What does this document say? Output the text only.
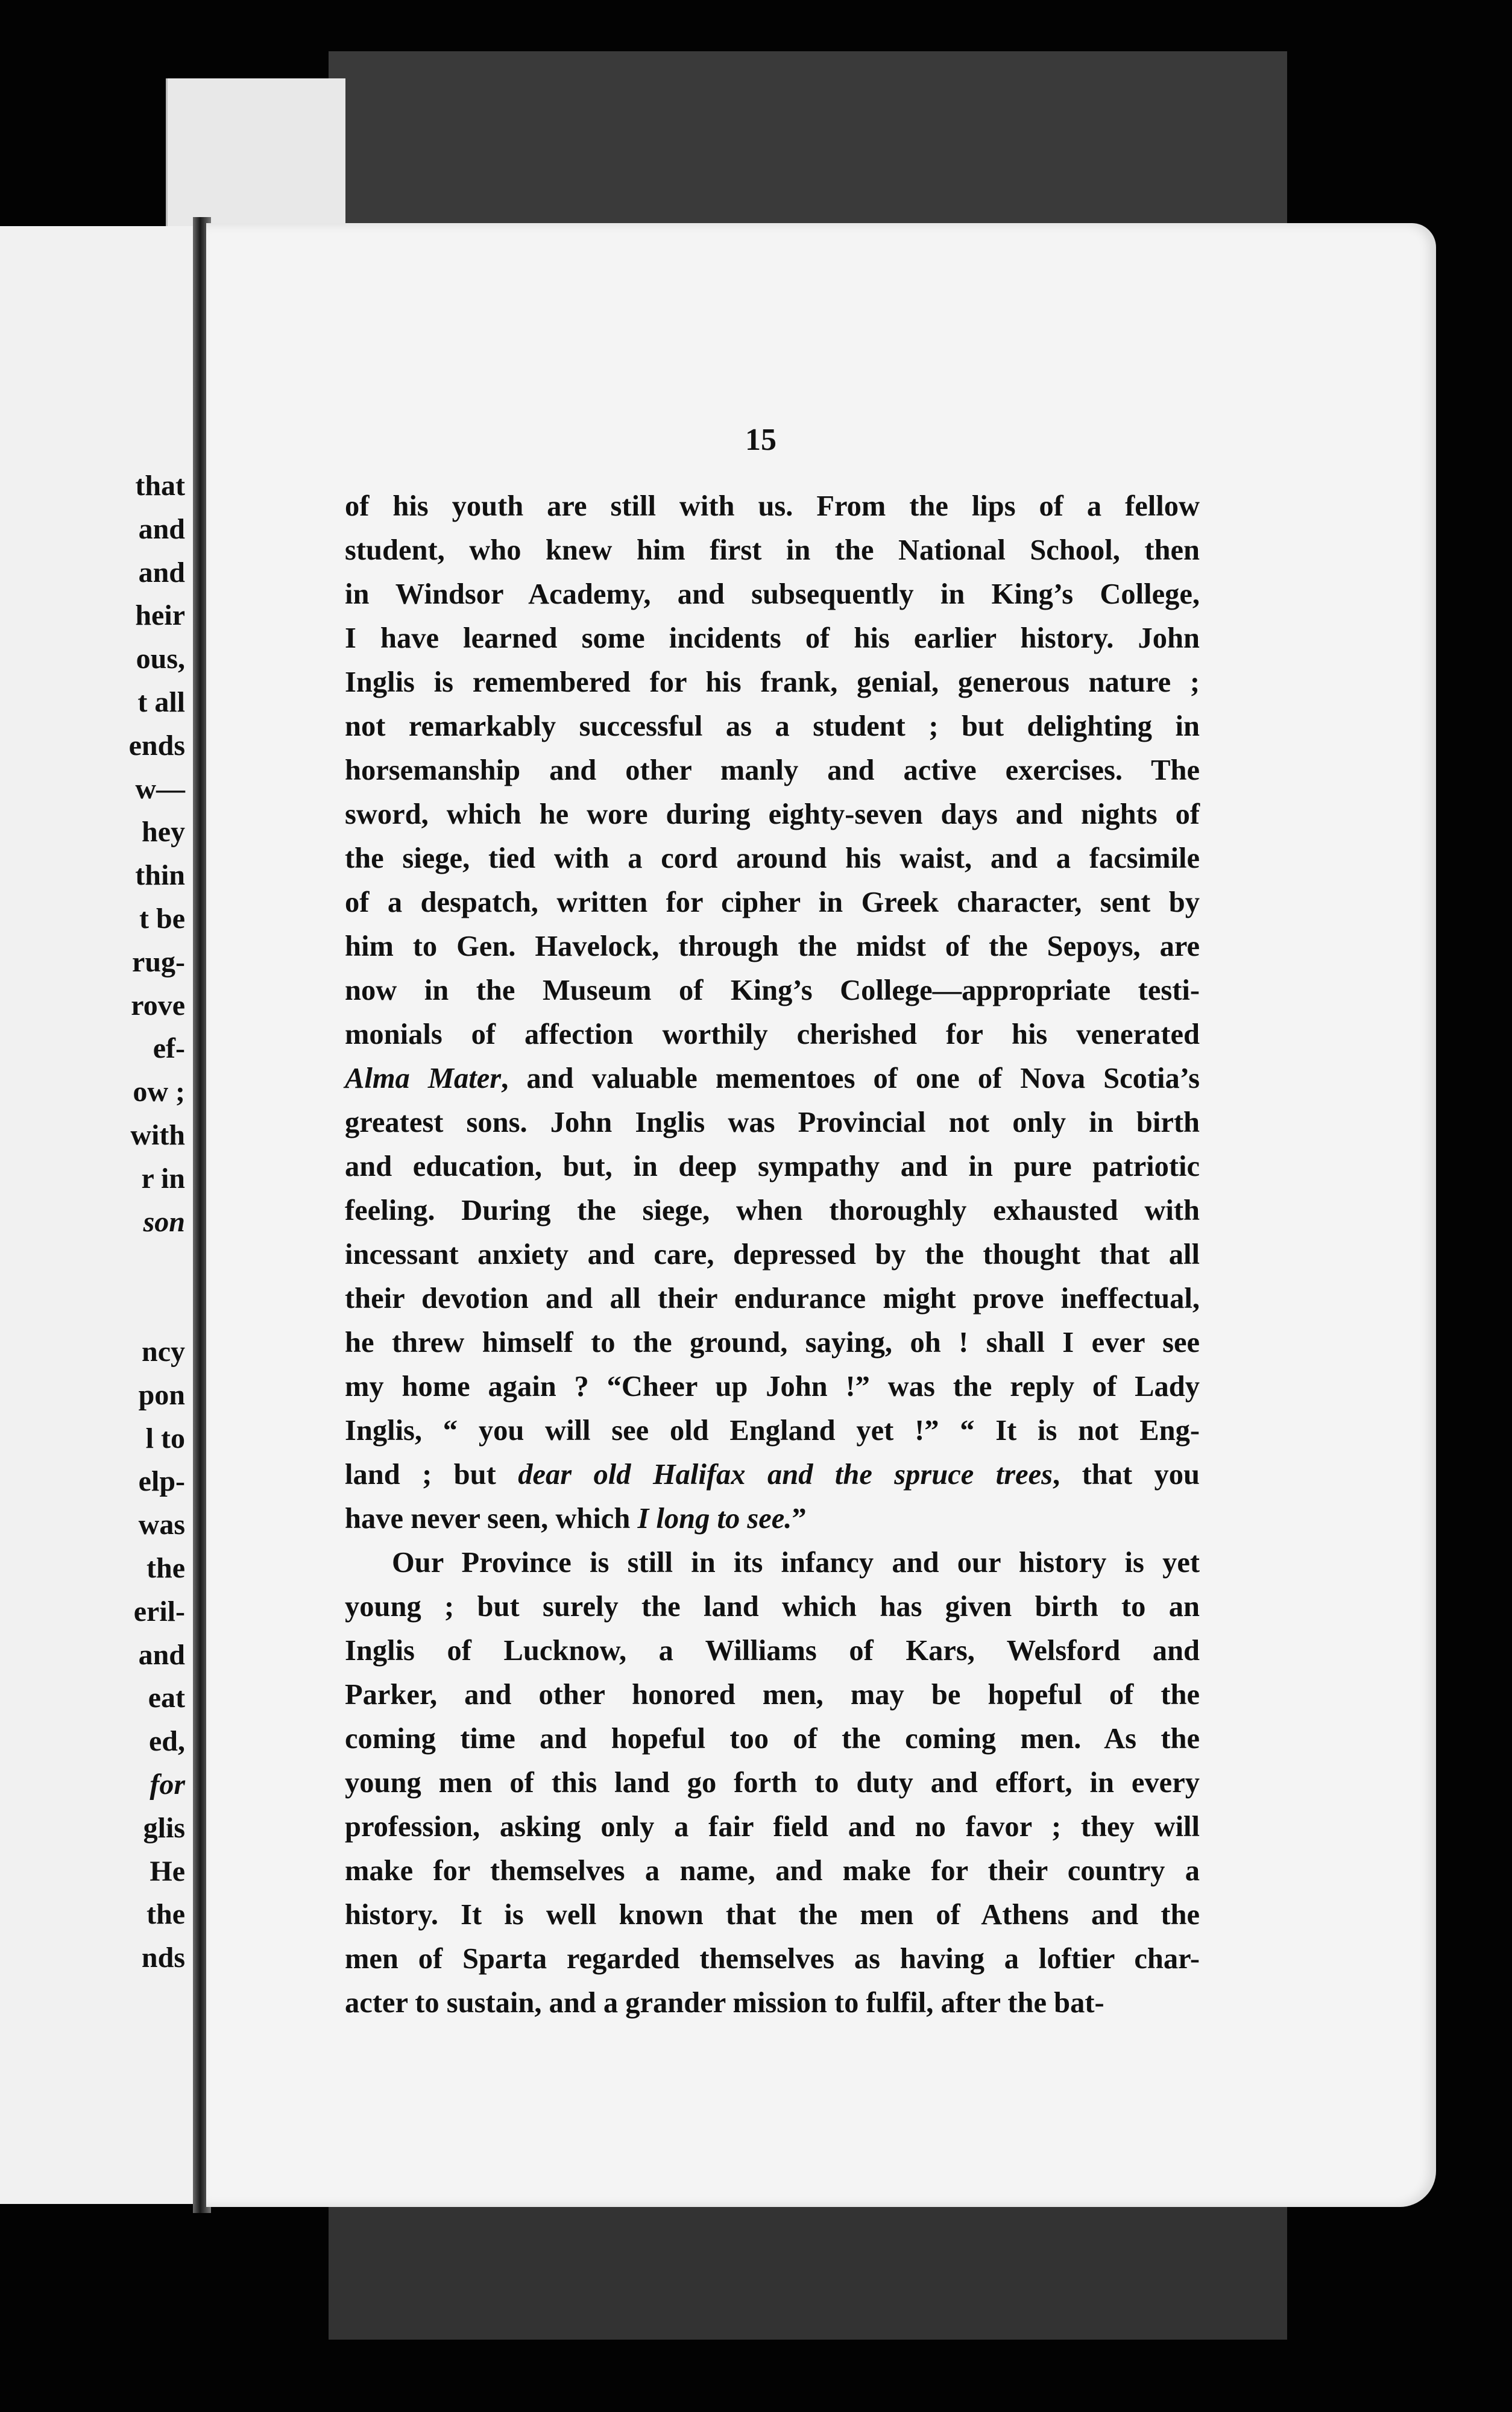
that
and
and
heir
ous,
t all
ends
w—
hey
thin
t be
rug-
rove
ef-
ow ;
with
r in
son

ncy
pon
l to
elp-
was
the
eril-
and
eat
ed,
for
glis
He
the
nds
15
of his youth are still with us. From the lips of a fellow
student, who knew him first in the National School, then
in Windsor Academy, and subsequently in King’s College,
I have learned some incidents of his earlier history. John
Inglis is remembered for his frank, genial, generous nature ;
not remarkably successful as a student ; but delighting in
horsemanship and other manly and active exercises. The
sword, which he wore during eighty-seven days and nights of
the siege, tied with a cord around his waist, and a facsimile
of a despatch, written for cipher in Greek character, sent by
him to Gen. Havelock, through the midst of the Sepoys, are
now in the Museum of King’s College—appropriate testi-
monials of affection worthily cherished for his venerated
Alma Mater, and valuable mementoes of one of Nova Scotia’s
greatest sons. John Inglis was Provincial not only in birth
and education, but, in deep sympathy and in pure patriotic
feeling. During the siege, when thoroughly exhausted with
incessant anxiety and care, depressed by the thought that all
their devotion and all their endurance might prove ineffectual,
he threw himself to the ground, saying, oh ! shall I ever see
my home again ? “Cheer up John !” was the reply of Lady
Inglis, “ you will see old England yet !” “ It is not Eng-
land ; but dear old Halifax and the spruce trees, that you
have never seen, which I long to see.”
Our Province is still in its infancy and our history is yet
young ; but surely the land which has given birth to an
Inglis of Lucknow, a Williams of Kars, Welsford and
Parker, and other honored men, may be hopeful of the
coming time and hopeful too of the coming men. As the
young men of this land go forth to duty and effort, in every
profession, asking only a fair field and no favor ; they will
make for themselves a name, and make for their country a
history. It is well known that the men of Athens and the
men of Sparta regarded themselves as having a loftier char-
acter to sustain, and a grander mission to fulfil, after the bat-
